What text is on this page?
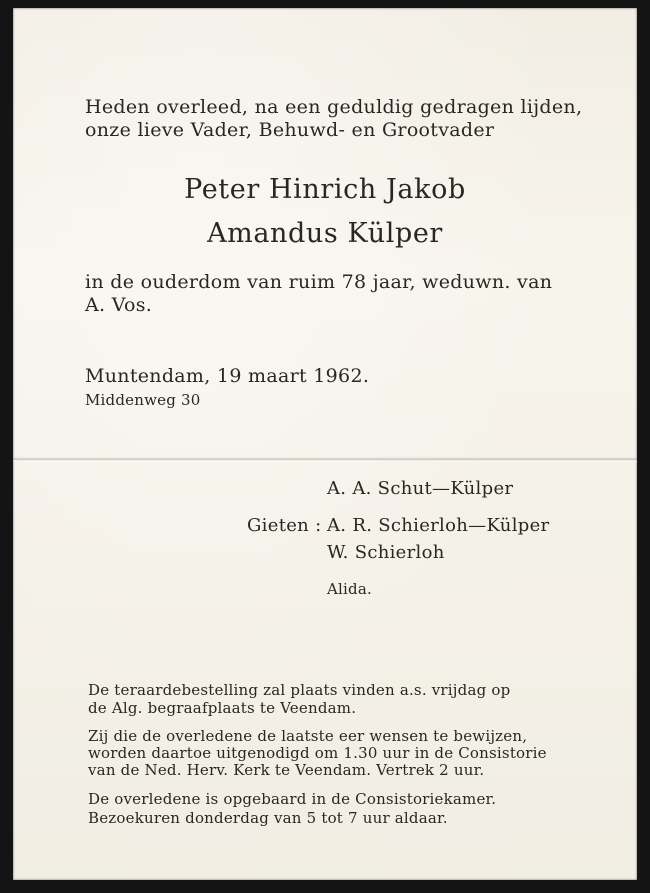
Heden overleed, na een geduldig gedragen lijden,
onze lieve Vader, Behuwd- en Grootvader
Peter Hinrich Jakob
Amandus Külper
in de ouderdom van ruim 78 jaar, weduwn. van
A. Vos.
Muntendam, 19 maart 1962.
Middenweg 30
A. A. Schut—Külper
Gieten : A. R. Schierloh—Külper
W. Schierloh
Alida.
De teraardebestelling zal plaats vinden a.s. vrijdag op
de Alg. begraafplaats te Veendam.
Zij die de overledene de laatste eer wensen te bewijzen,
worden daartoe uitgenodigd om 1.30 uur in de Consistorie
van de Ned. Herv. Kerk te Veendam. Vertrek 2 uur.
De overledene is opgebaard in de Consistoriekamer.
Bezoekuren donderdag van 5 tot 7 uur aldaar.
